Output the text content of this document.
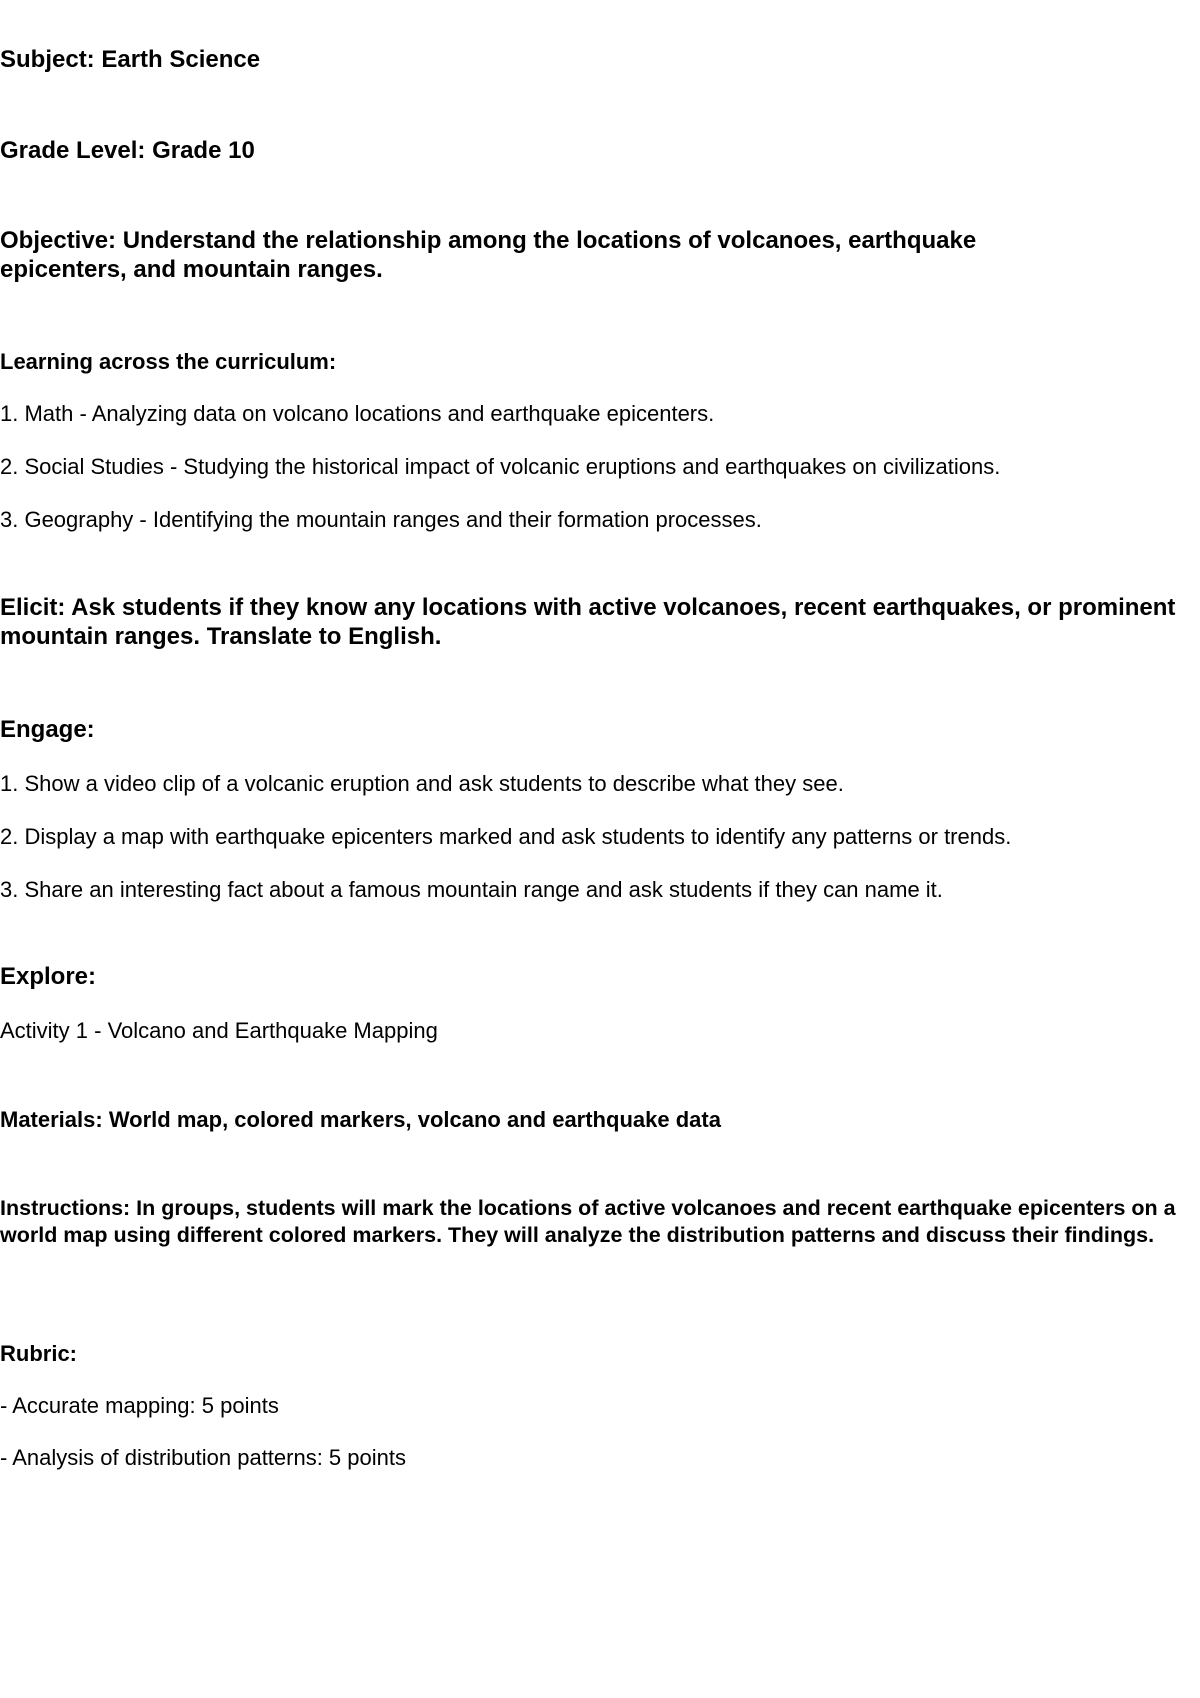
Subject: Earth Science

Grade Level: Grade 10

Objective: Understand the relationship among the locations of volcanoes, earthquake epicenters, and mountain ranges.

Learning across the curriculum:

1. Math - Analyzing data on volcano locations and earthquake epicenters.

2. Social Studies - Studying the historical impact of volcanic eruptions and earthquakes on civilizations.

3. Geography - Identifying the mountain ranges and their formation processes.

Elicit: Ask students if they know any locations with active volcanoes, recent earthquakes, or prominent mountain ranges. Translate to English.

Engage:

1. Show a video clip of a volcanic eruption and ask students to describe what they see.

2. Display a map with earthquake epicenters marked and ask students to identify any patterns or trends.

3. Share an interesting fact about a famous mountain range and ask students if they can name it.

Explore:

Activity 1 - Volcano and Earthquake Mapping

Materials: World map, colored markers, volcano and earthquake data

Instructions: In groups, students will mark the locations of active volcanoes and recent earthquake epicenters on a world map using different colored markers. They will analyze the distribution patterns and discuss their findings.

Rubric:

- Accurate mapping: 5 points

- Analysis of distribution patterns: 5 points
